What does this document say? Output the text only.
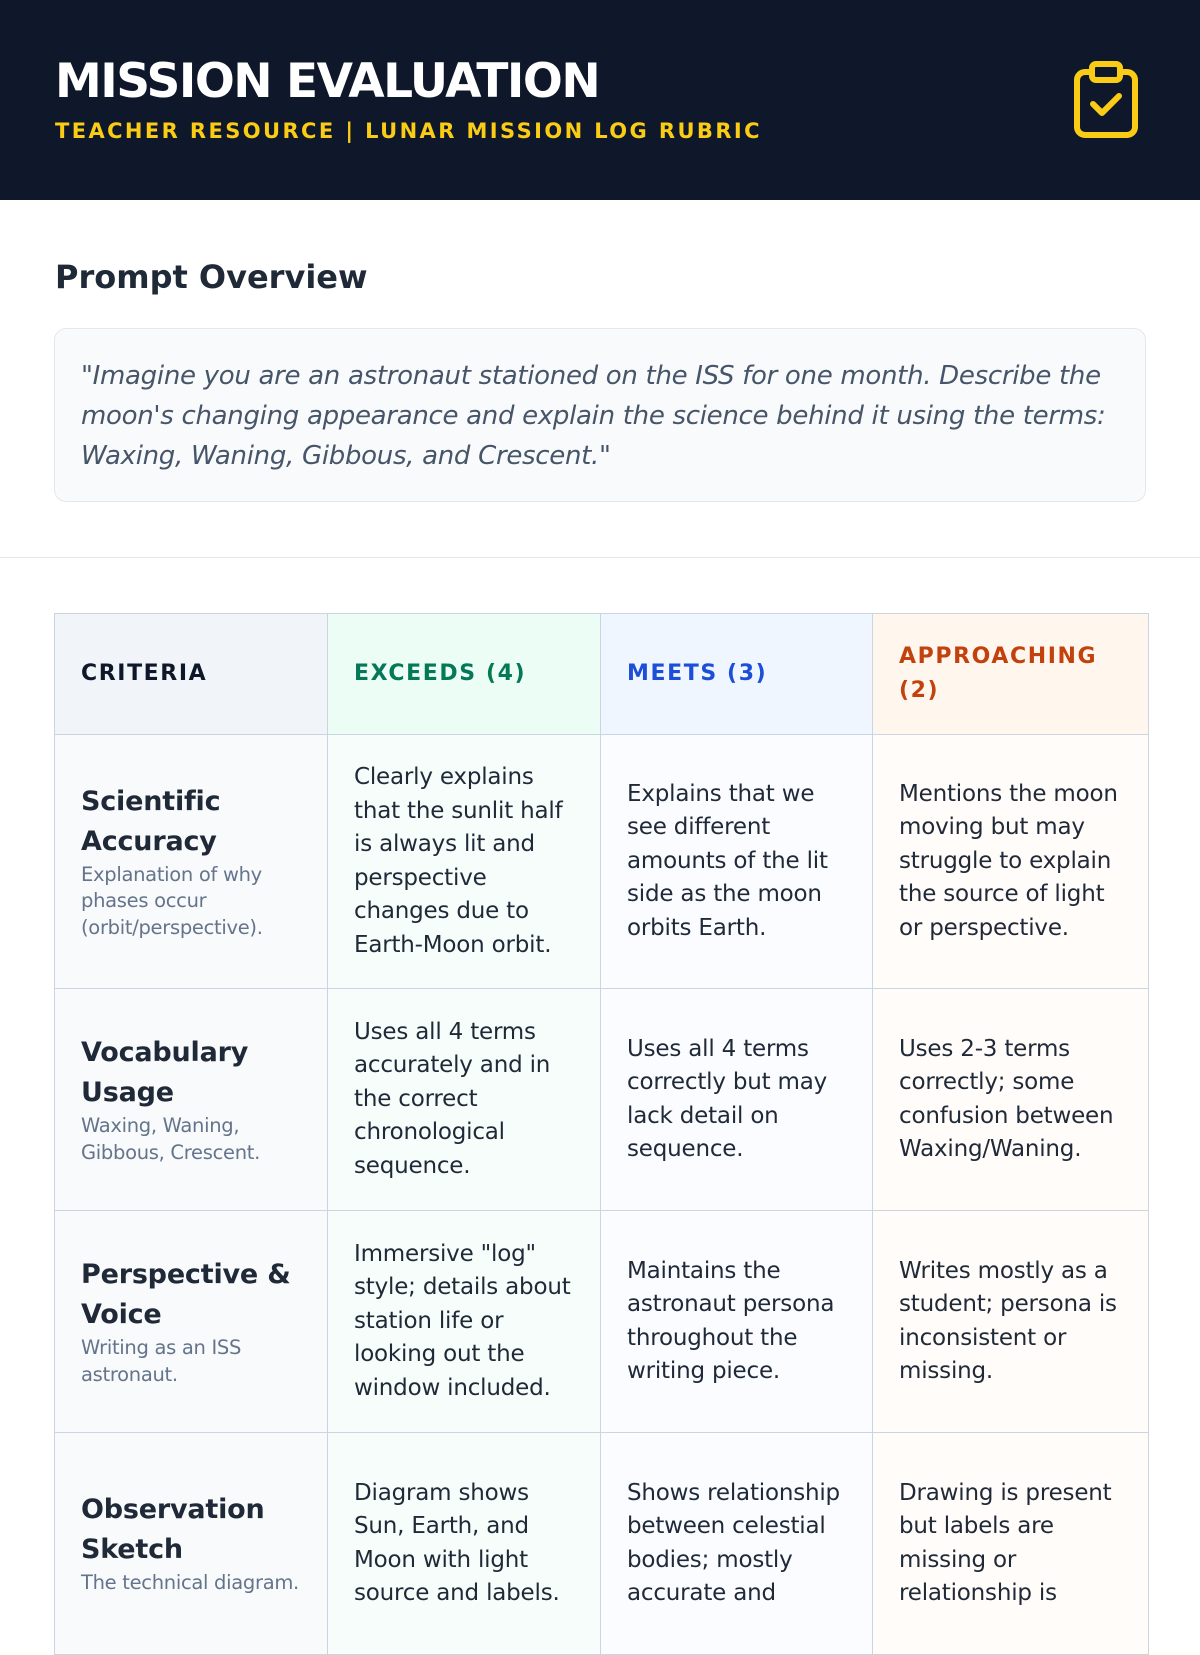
MISSION EVALUATION
TEACHER RESOURCE | LUNAR MISSION LOG RUBRIC
Prompt Overview
"Imagine you are an astronaut stationed on the ISS for one month. Describe the moon's changing appearance and explain the science behind it using the terms: Waxing, Waning, Gibbous, and Crescent."
CRITERIA	EXCEEDS (4)	MEETS (3)	APPROACHING (2)

Scientific Accuracy
Explanation of why phases occur (orbit/perspective).	Clearly explains that the sunlit half is always lit and perspective changes due to Earth-Moon orbit.	Explains that we see different amounts of the lit side as the moon orbits Earth.	Mentions the moon moving but may struggle to explain the source of light or perspective.

Vocabulary Usage
Waxing, Waning, Gibbous, Crescent.	Uses all 4 terms accurately and in the correct chronological sequence.	Uses all 4 terms correctly but may lack detail on sequence.	Uses 2-3 terms correctly; some confusion between Waxing/Waning.

Perspective & Voice
Writing as an ISS astronaut.	Immersive "log" style; details about station life or looking out the window included.	Maintains the astronaut persona throughout the writing piece.	Writes mostly as a student; persona is inconsistent or missing.

Observation Sketch
The technical diagram.	Diagram shows Sun, Earth, and Moon with light source and labels.	Shows relationship between celestial bodies; mostly accurate and	Drawing is present but labels are missing or relationship is
